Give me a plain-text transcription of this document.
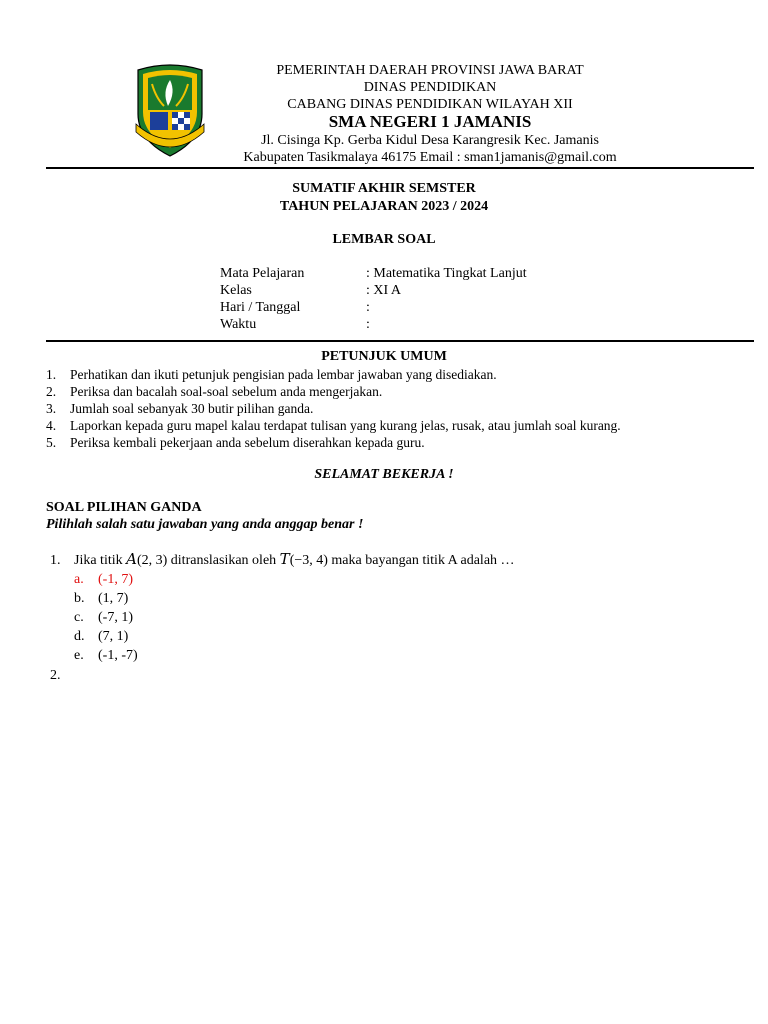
PEMERINTAH DAERAH PROVINSI JAWA BARAT
DINAS PENDIDIKAN
CABANG DINAS PENDIDIKAN WILAYAH XII
SMA NEGERI 1 JAMANIS
Jl. Cisinga Kp. Gerba Kidul Desa Karangresik Kec. Jamanis
Kabupaten Tasikmalaya 46175 Email : sman1jamanis@gmail.com
SUMATIF AKHIR SEMSTER
TAHUN PELAJARAN 2023 / 2024
LEMBAR SOAL
Mata Pelajaran	: Matematika Tingkat Lanjut
Kelas	: XI A
Hari / Tanggal	:
Waktu	:
PETUNJUK UMUM
1.	Perhatikan dan ikuti petunjuk pengisian pada lembar jawaban yang disediakan.
2.	Periksa dan bacalah soal-soal sebelum anda mengerjakan.
3.	Jumlah soal sebanyak 30 butir pilihan ganda.
4.	Laporkan kepada guru mapel kalau terdapat tulisan yang kurang jelas, rusak, atau jumlah soal kurang.
5.	Periksa kembali pekerjaan anda sebelum diserahkan kepada guru.
SELAMAT BEKERJA !
SOAL PILIHAN GANDA
Pilihlah salah satu jawaban yang anda anggap benar !
1. Jika titik A(2, 3) ditranslasikan oleh T(−3, 4) maka bayangan titik A adalah …
a.	(-1, 7)
b. (1, 7)
c.	(-7, 1)
d. (7, 1)
e.	(-1, -7)
2.
